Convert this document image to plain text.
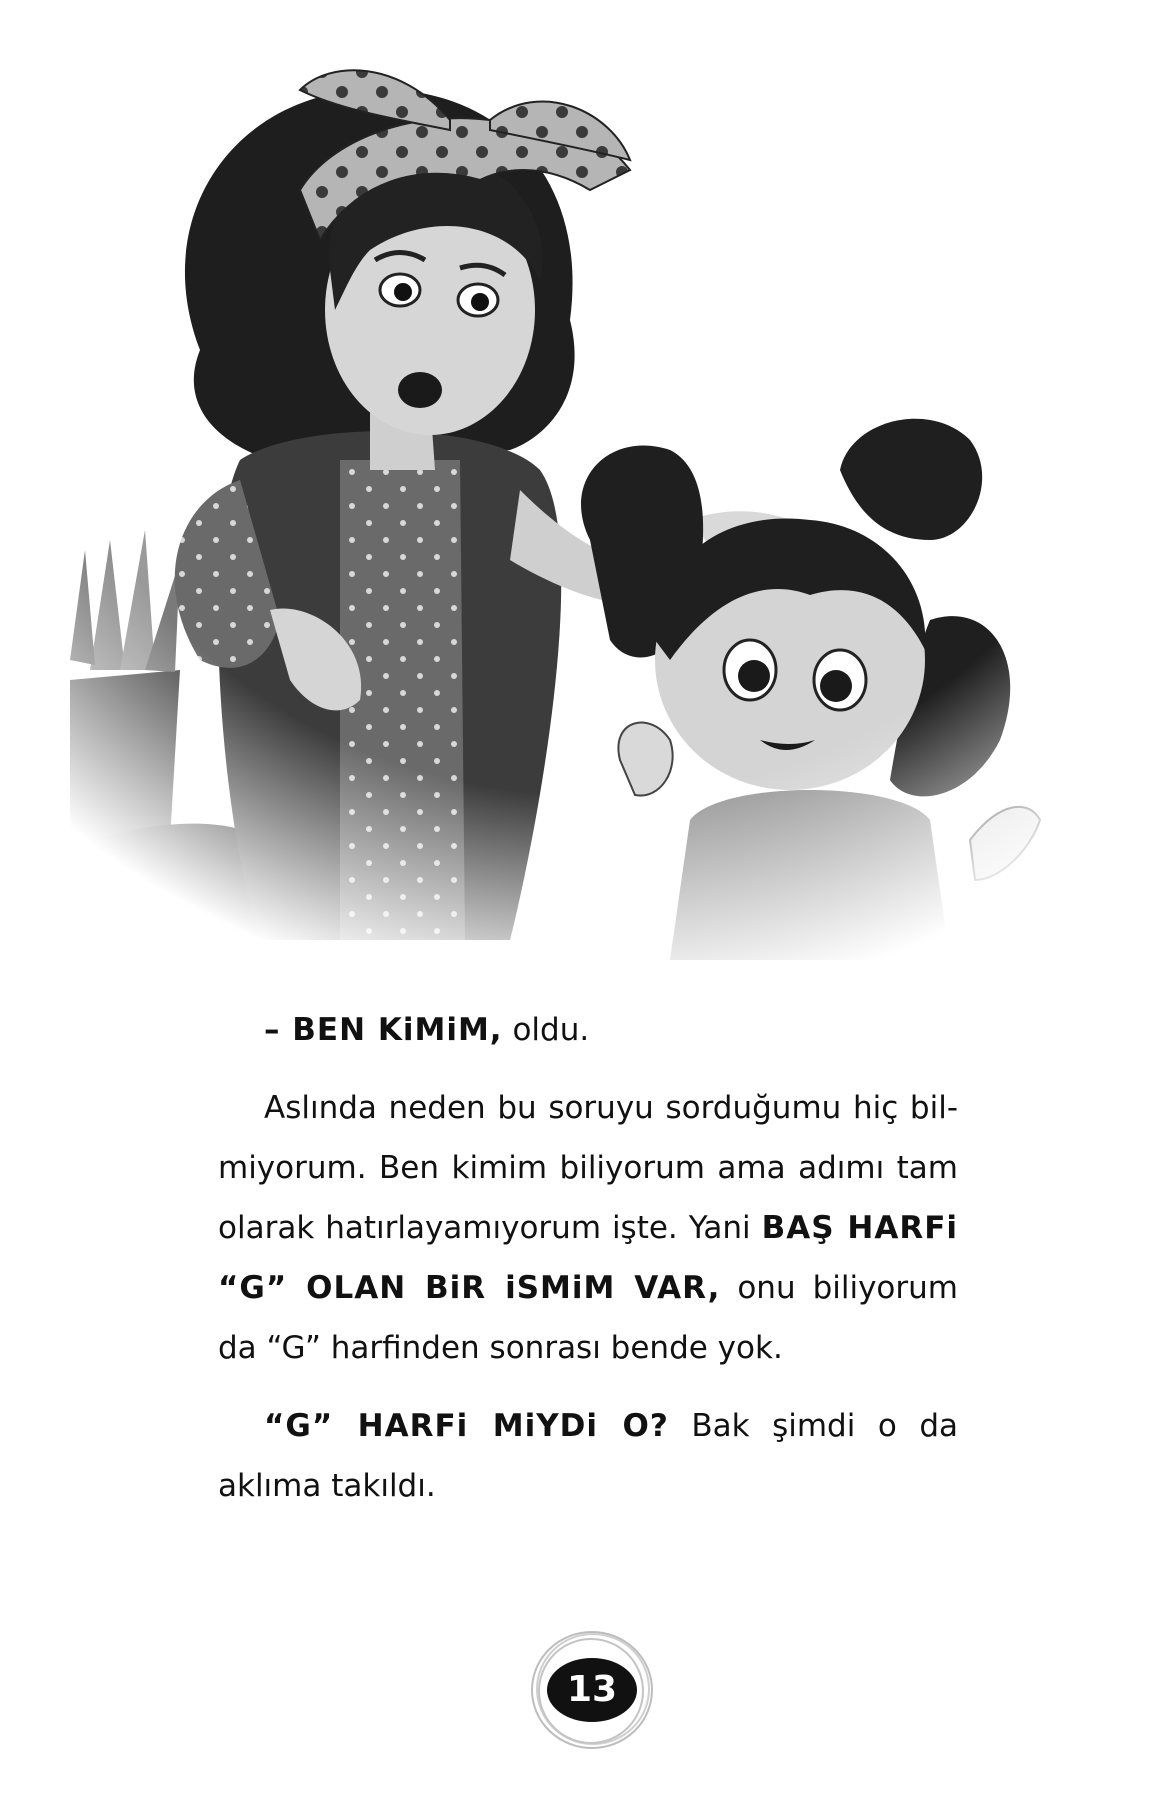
– BEN KiMiM, oldu.

Aslında neden bu soruyu sorduğumu hiç bilmiyorum. Ben kimim biliyorum ama adımı tam olarak hatırlayamıyorum işte. Yani BAŞ HARFi “G” OLAN BiR iSMiM VAR, onu biliyorum da “G” harfinden sonrası bende yok.

“G” HARFi MiYDi O? Bak şimdi o da aklıma takıldı.

13
